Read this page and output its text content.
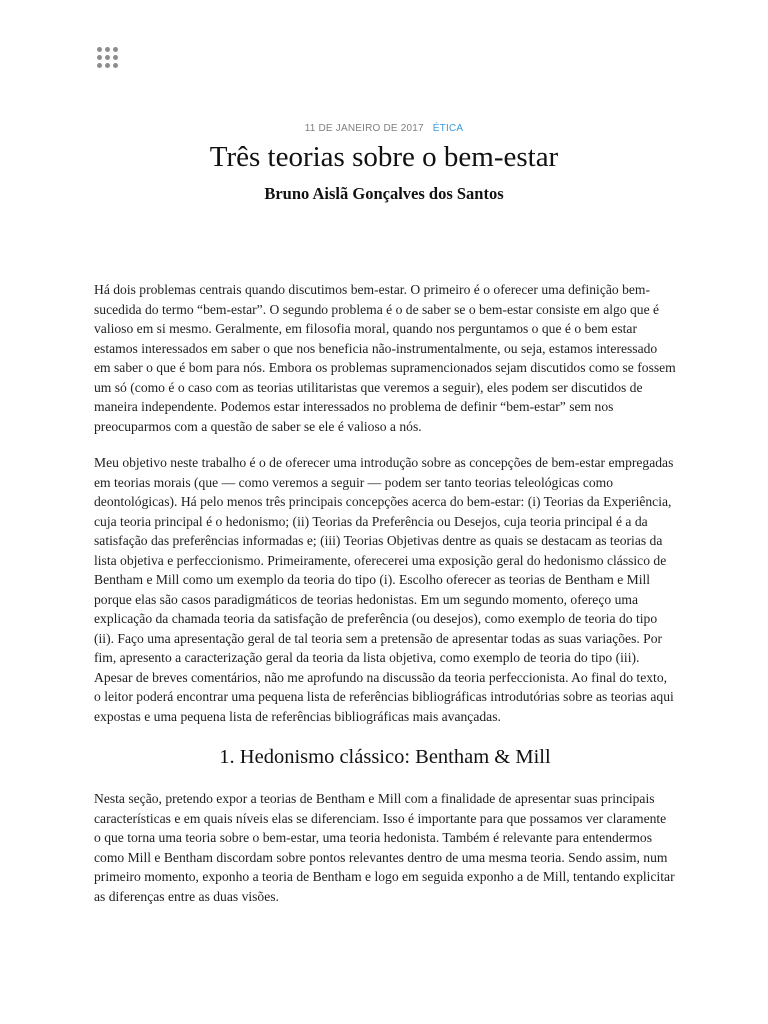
11 DE JANEIRO DE 2017 ÉTICA
Três teorias sobre o bem-estar
Bruno Aislã Gonçalves dos Santos

Há dois problemas centrais quando discutimos bem-estar. O primeiro é o oferecer uma definição bem-sucedida do termo “bem-estar”. O segundo problema é o de saber se o bem-estar consiste em algo que é valioso em si mesmo. Geralmente, em filosofia moral, quando nos perguntamos o que é o bem estar estamos interessados em saber o que nos beneficia não-instrumentalmente, ou seja, estamos interessado em saber o que é bom para nós. Embora os problemas supramencionados sejam discutidos como se fossem um só (como é o caso com as teorias utilitaristas que veremos a seguir), eles podem ser discutidos de maneira independente. Podemos estar interessados no problema de definir “bem-estar” sem nos preocuparmos com a questão de saber se ele é valioso a nós.

Meu objetivo neste trabalho é o de oferecer uma introdução sobre as concepções de bem-estar empregadas em teorias morais (que — como veremos a seguir — podem ser tanto teorias teleológicas como deontológicas). Há pelo menos três principais concepções acerca do bem-estar: (i) Teorias da Experiência, cuja teoria principal é o hedonismo; (ii) Teorias da Preferência ou Desejos, cuja teoria principal é a da satisfação das preferências informadas e; (iii) Teorias Objetivas dentre as quais se destacam as teorias da lista objetiva e perfeccionismo. Primeiramente, oferecerei uma exposição geral do hedonismo clássico de Bentham e Mill como um exemplo da teoria do tipo (i). Escolho oferecer as teorias de Bentham e Mill porque elas são casos paradigmáticos de teorias hedonistas. Em um segundo momento, ofereço uma explicação da chamada teoria da satisfação de preferência (ou desejos), como exemplo de teoria do tipo (ii). Faço uma apresentação geral de tal teoria sem a pretensão de apresentar todas as suas variações. Por fim, apresento a caracterização geral da teoria da lista objetiva, como exemplo de teoria do tipo (iii). Apesar de breves comentários, não me aprofundo na discussão da teoria perfeccionista. Ao final do texto, o leitor poderá encontrar uma pequena lista de referências bibliográficas introdutórias sobre as teorias aqui expostas e uma pequena lista de referências bibliográficas mais avançadas.

1. Hedonismo clássico: Bentham & Mill

Nesta seção, pretendo expor a teorias de Bentham e Mill com a finalidade de apresentar suas principais características e em quais níveis elas se diferenciam. Isso é importante para que possamos ver claramente o que torna uma teoria sobre o bem-estar, uma teoria hedonista. Também é relevante para entendermos como Mill e Bentham discordam sobre pontos relevantes dentro de uma mesma teoria. Sendo assim, num primeiro momento, exponho a teoria de Bentham e logo em seguida exponho a de Mill, tentando explicitar as diferenças entre as duas visões.
